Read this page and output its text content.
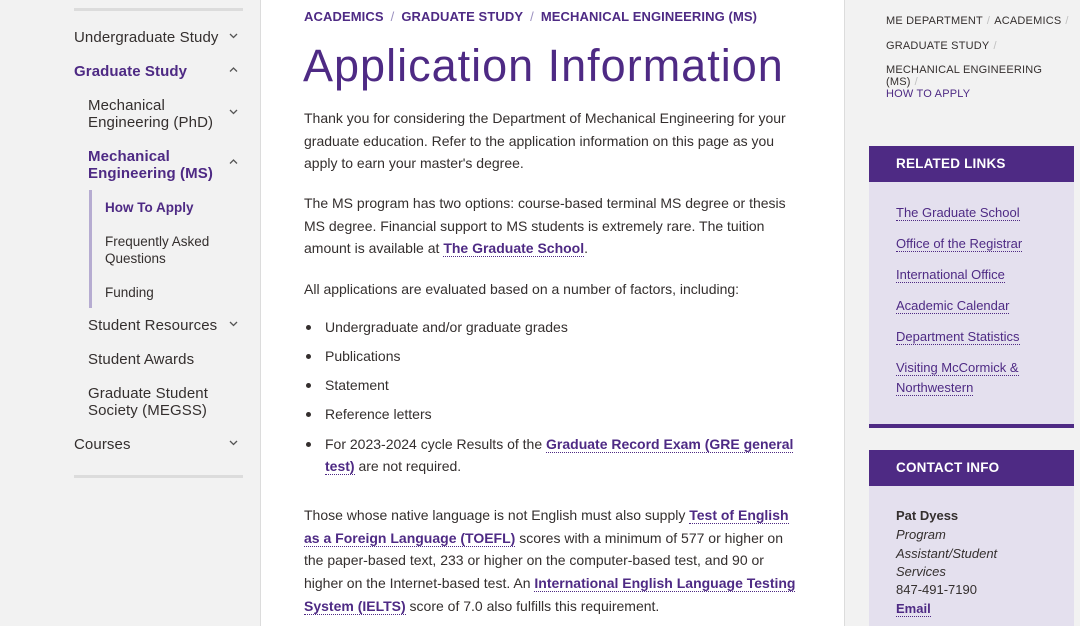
Undergraduate Study
Graduate Study
Mechanical Engineering (PhD)
Mechanical Engineering (MS)
How To Apply
Frequently Asked Questions
Funding
Student Resources
Student Awards
Graduate Student Society (MEGSS)
Courses
ACADEMICS / GRADUATE STUDY / MECHANICAL ENGINEERING (MS)
Application Information

Thank you for considering the Department of Mechanical Engineering for your graduate education. Refer to the application information on this page as you apply to earn your master's degree.

The MS program has two options: course-based terminal MS degree or thesis MS degree. Financial support to MS students is extremely rare. The tuition amount is available at The Graduate School.

All applications are evaluated based on a number of factors, including:

Undergraduate and/or graduate grades
Publications
Statement
Reference letters
For 2023-2024 cycle Results of the Graduate Record Exam (GRE general test) are not required.

Those whose native language is not English must also supply Test of English as a Foreign Language (TOEFL) scores with a minimum of 577 or higher on the paper-based text, 233 or higher on the computer-based test, and 90 or higher on the Internet-based test. An International English Language Testing System (IELTS) score of 7.0 also fulfills this requirement.

ME DEPARTMENT / ACADEMICS /
GRADUATE STUDY /
MECHANICAL ENGINEERING (MS) /
HOW TO APPLY
RELATED LINKS
The Graduate School
Office of the Registrar
International Office
Academic Calendar
Department Statistics
Visiting McCormick & Northwestern
CONTACT INFO
Pat Dyess
Program Assistant/Student Services
847-491-7190
Email
